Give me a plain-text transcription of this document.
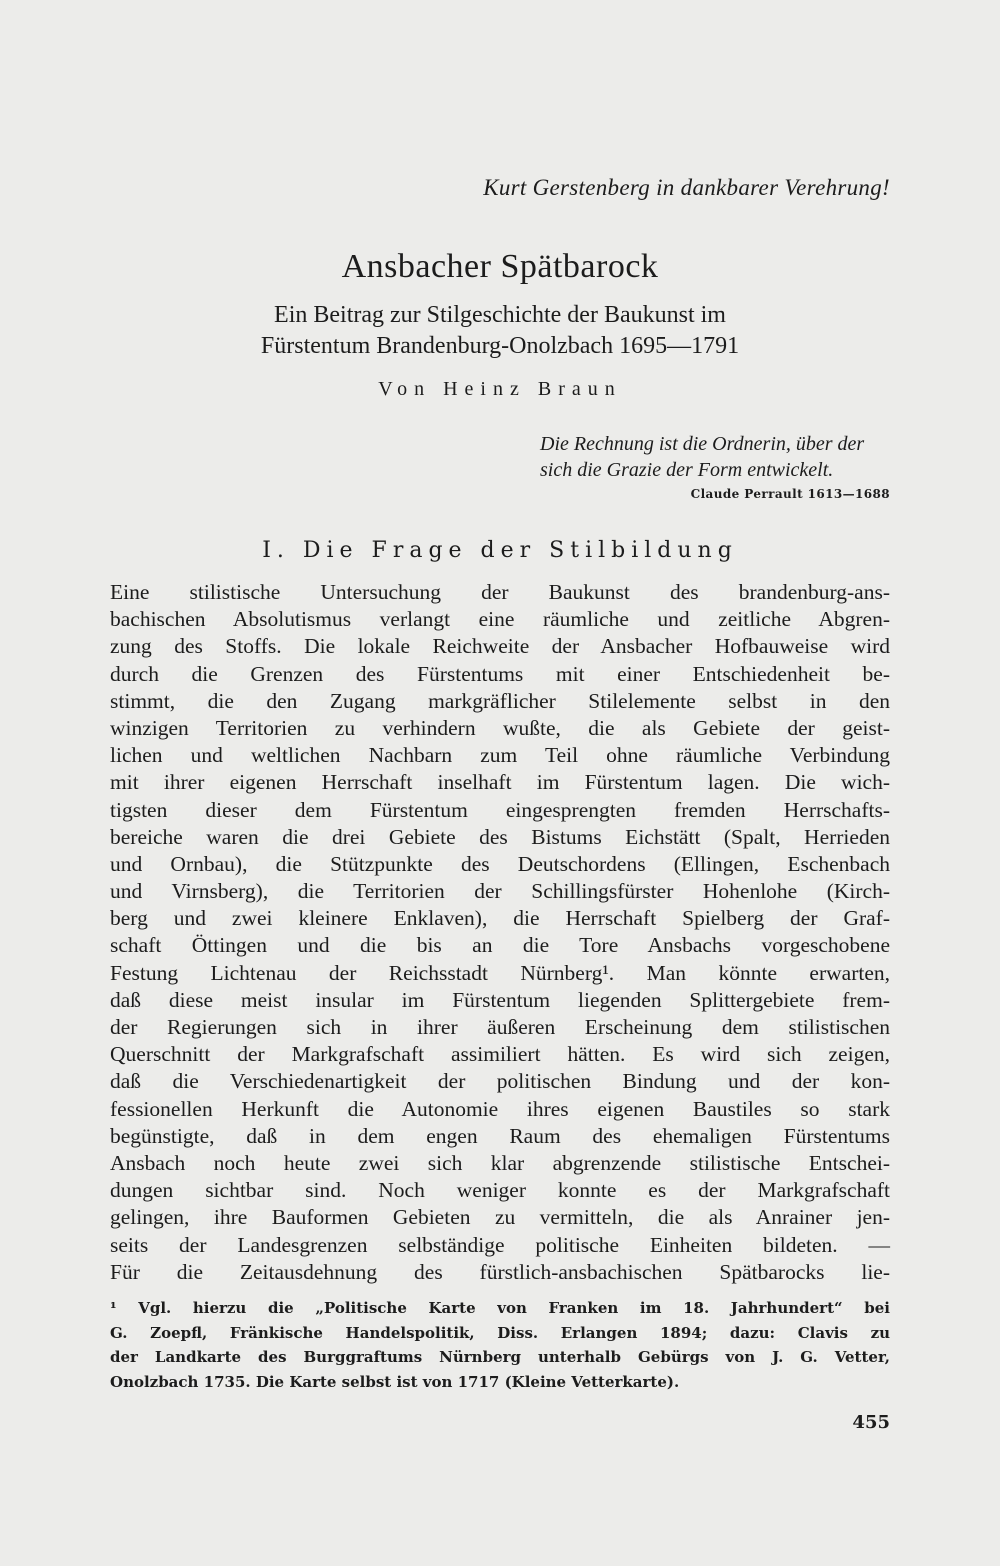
Kurt Gerstenberg in dankbarer Verehrung!
Ansbacher Spätbarock
Ein Beitrag zur Stilgeschichte der Baukunst im
Fürstentum Brandenburg-Onolzbach 1695—1791
Von Heinz Braun
Die Rechnung ist die Ordnerin, über der
sich die Grazie der Form entwickelt.
Claude Perrault 1613—1688
I. Die Frage der Stilbildung
Eine stilistische Untersuchung der Baukunst des brandenburg-ans-
bachischen Absolutismus verlangt eine räumliche und zeitliche Abgren-
zung des Stoffs. Die lokale Reichweite der Ansbacher Hofbauweise wird
durch die Grenzen des Fürstentums mit einer Entschiedenheit be-
stimmt, die den Zugang markgräflicher Stilelemente selbst in den
winzigen Territorien zu verhindern wußte, die als Gebiete der geist-
lichen und weltlichen Nachbarn zum Teil ohne räumliche Verbindung
mit ihrer eigenen Herrschaft inselhaft im Fürstentum lagen. Die wich-
tigsten dieser dem Fürstentum eingesprengten fremden Herrschafts-
bereiche waren die drei Gebiete des Bistums Eichstätt (Spalt, Herrieden
und Ornbau), die Stützpunkte des Deutschordens (Ellingen, Eschenbach
und Virnsberg), die Territorien der Schillingsfürster Hohenlohe (Kirch-
berg und zwei kleinere Enklaven), die Herrschaft Spielberg der Graf-
schaft Öttingen und die bis an die Tore Ansbachs vorgeschobene
Festung Lichtenau der Reichsstadt Nürnberg¹. Man könnte erwarten,
daß diese meist insular im Fürstentum liegenden Splittergebiete frem-
der Regierungen sich in ihrer äußeren Erscheinung dem stilistischen
Querschnitt der Markgrafschaft assimiliert hätten. Es wird sich zeigen,
daß die Verschiedenartigkeit der politischen Bindung und der kon-
fessionellen Herkunft die Autonomie ihres eigenen Baustiles so stark
begünstigte, daß in dem engen Raum des ehemaligen Fürstentums
Ansbach noch heute zwei sich klar abgrenzende stilistische Entschei-
dungen sichtbar sind. Noch weniger konnte es der Markgrafschaft
gelingen, ihre Bauformen Gebieten zu vermitteln, die als Anrainer jen-
seits der Landesgrenzen selbständige politische Einheiten bildeten. —
Für die Zeitausdehnung des fürstlich-ansbachischen Spätbarocks lie-
¹ Vgl. hierzu die „Politische Karte von Franken im 18. Jahrhundert“ bei
G. Zoepfl, Fränkische Handelspolitik, Diss. Erlangen 1894; dazu: Clavis zu
der Landkarte des Burggraftums Nürnberg unterhalb Gebürgs von J. G. Vetter,
Onolzbach 1735. Die Karte selbst ist von 1717 (Kleine Vetterkarte).
455
